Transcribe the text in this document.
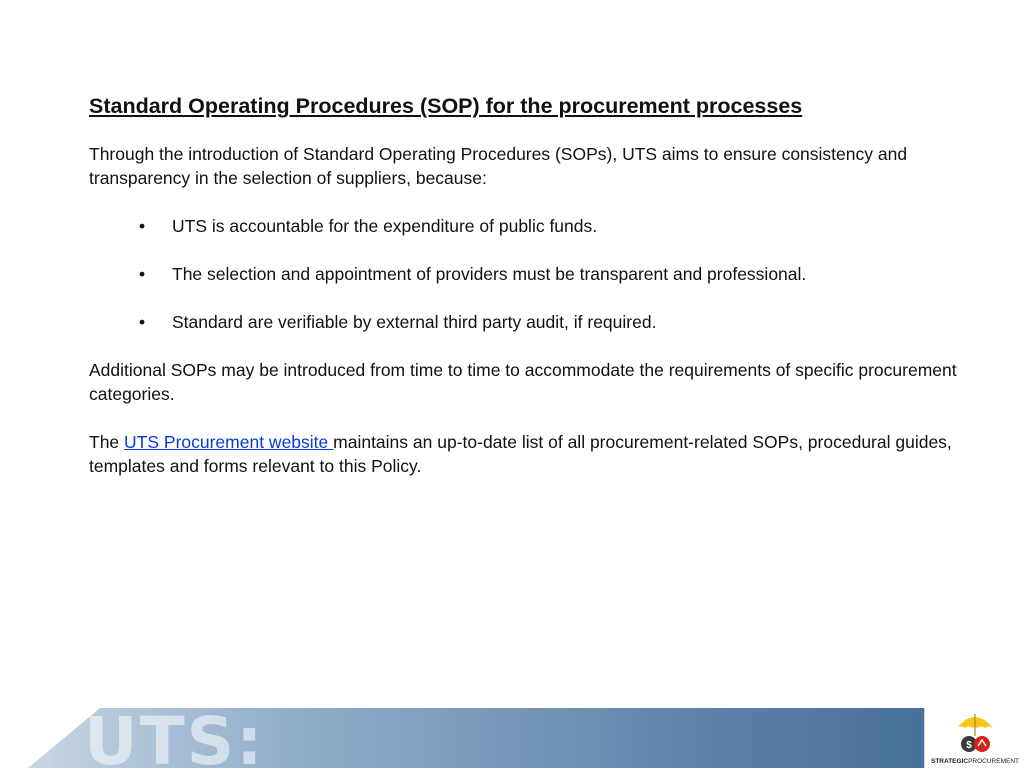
Standard Operating Procedures (SOP) for the procurement processes

Through the introduction of Standard Operating Procedures (SOPs), UTS aims to ensure consistency and transparency in the selection of suppliers, because:

• UTS is accountable for the expenditure of public funds.
• The selection and appointment of providers must be transparent and professional.
• Standard are verifiable by external third party audit, if required.

Additional SOPs may be introduced from time to time to accommodate the requirements of specific procurement categories.

The UTS Procurement website maintains an up-to-date list of all procurement-related SOPs, procedural guides, templates and forms relevant to this Policy.

UTS:	$
STRATEGICPROCUREMENT
